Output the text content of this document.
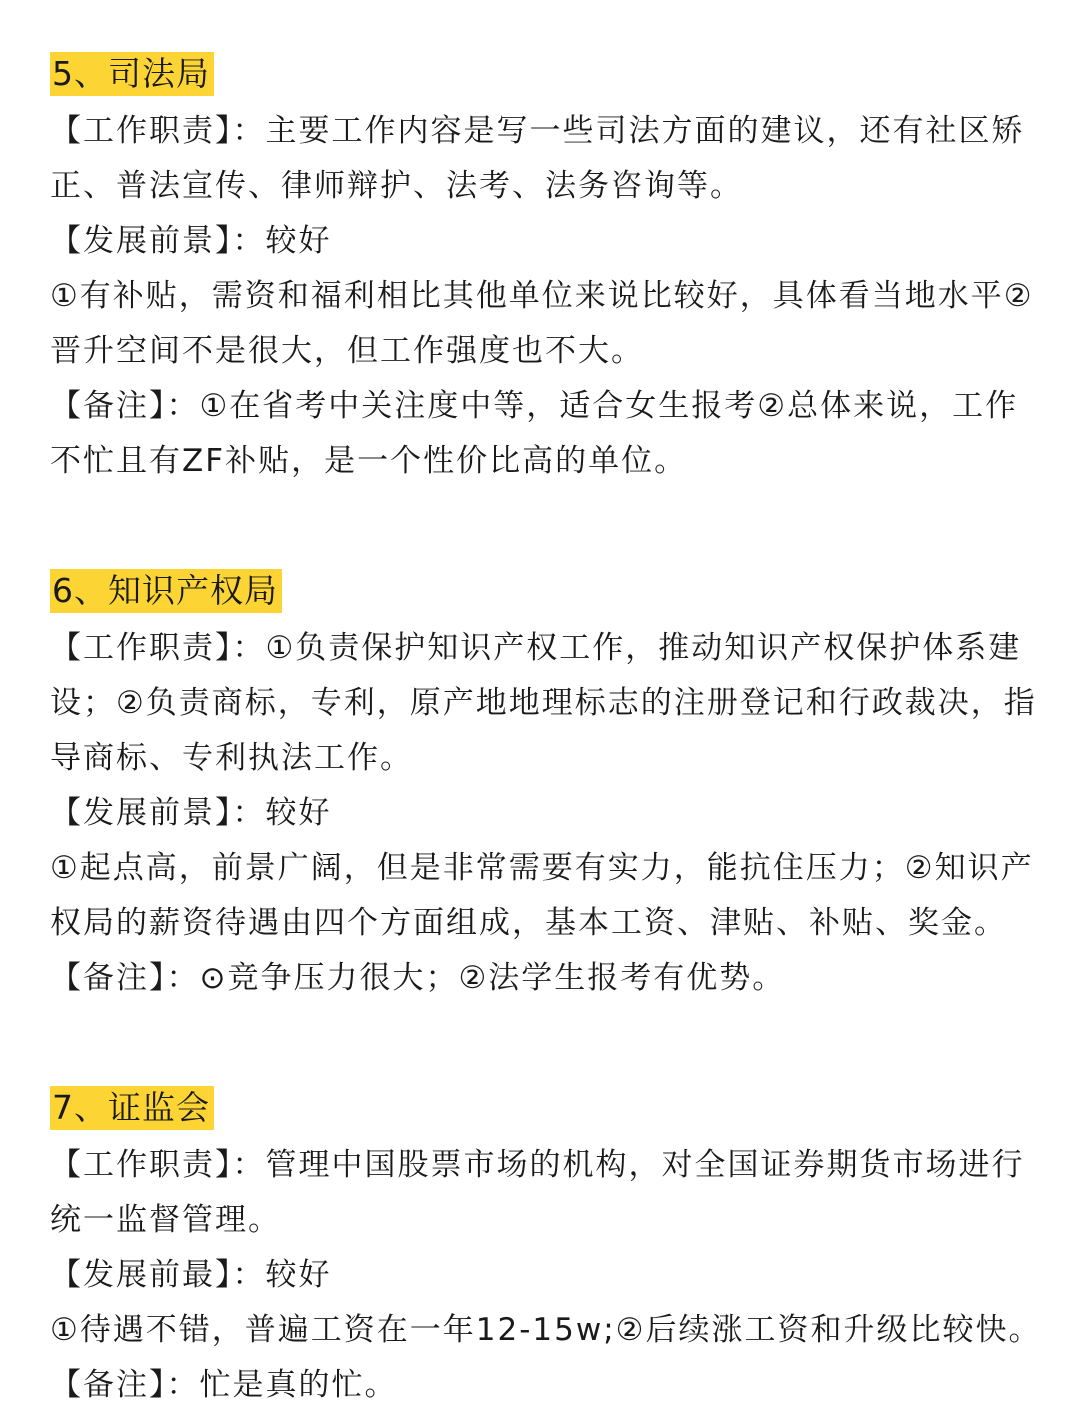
5、司法局
【工作职责】：主要工作内容是写一些司法方面的建议，还有社区矫
正、普法宣传、律师辩护、法考、法务咨询等。
【发展前景】：较好
①有补贴，需资和福利相比其他单位来说比较好，具体看当地水平②
晋升空间不是很大，但工作强度也不大。
【备注】：①在省考中关注度中等，适合女生报考②总体来说，工作
不忙且有ZF补贴，是一个性价比高的单位。
6、知识产权局
【工作职责】：①负责保护知识产权工作，推动知识产权保护体系建
设；②负责商标，专利，原产地地理标志的注册登记和行政裁决，指
导商标、专利执法工作。
【发展前景】：较好
①起点高，前景广阔，但是非常需要有实力，能抗住压力；②知识产
权局的薪资待遇由四个方面组成，基本工资、津贴、补贴、奖金。
【备注】：⊙竞争压力很大；②法学生报考有优势。
7、证监会
【工作职责】：管理中国股票市场的机构，对全国证券期货市场进行
统一监督管理。
【发展前最】：较好
①待遇不错，普遍工资在一年12-15w;②后续涨工资和升级比较快。
【备注】：忙是真的忙。
